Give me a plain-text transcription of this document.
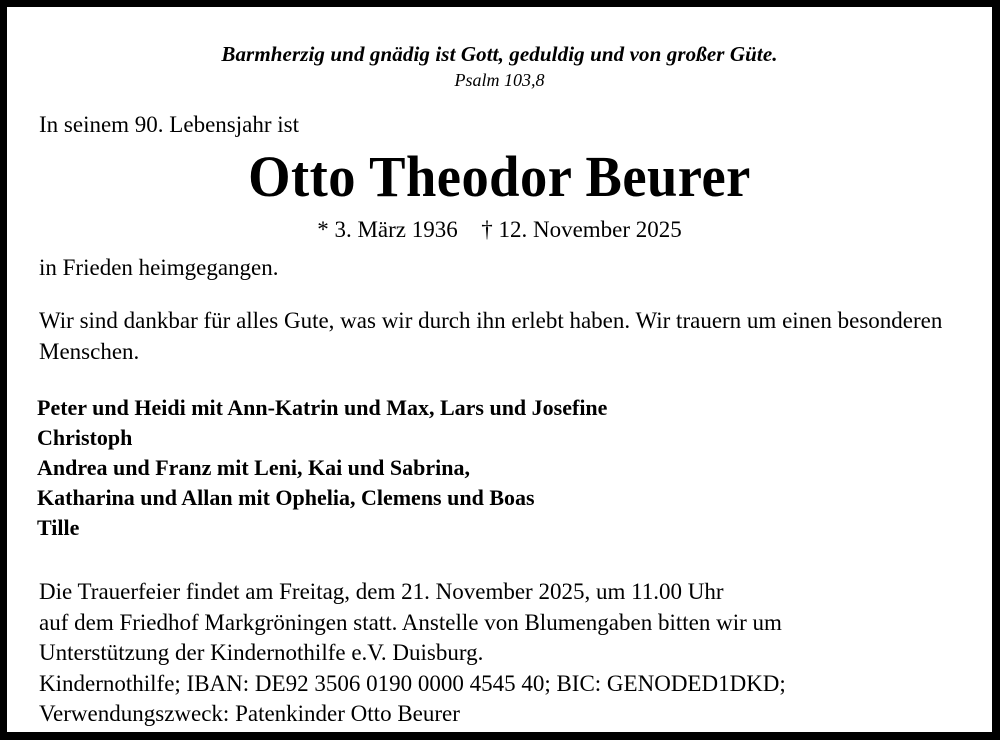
Barmherzig und gnädig ist Gott, geduldig und von großer Güte.
Psalm 103,8
In seinem 90. Lebensjahr ist
Otto Theodor Beurer
* 3. März 1936 † 12. November 2025
in Frieden heimgegangen.
Wir sind dankbar für alles Gute, was wir durch ihn erlebt haben. Wir trauern um einen besonderen Menschen.
Peter und Heidi mit Ann-Katrin und Max, Lars und Josefine
Christoph
Andrea und Franz mit Leni, Kai und Sabrina,
Katharina und Allan mit Ophelia, Clemens und Boas
Tille
Die Trauerfeier findet am Freitag, dem 21. November 2025, um 11.00 Uhr
auf dem Friedhof Markgröningen statt. Anstelle von Blumengaben bitten wir um
Unterstützung der Kindernothilfe e.V. Duisburg.
Kindernothilfe; IBAN: DE92 3506 0190 0000 4545 40; BIC: GENODED1DKD;
Verwendungszweck: Patenkinder Otto Beurer
